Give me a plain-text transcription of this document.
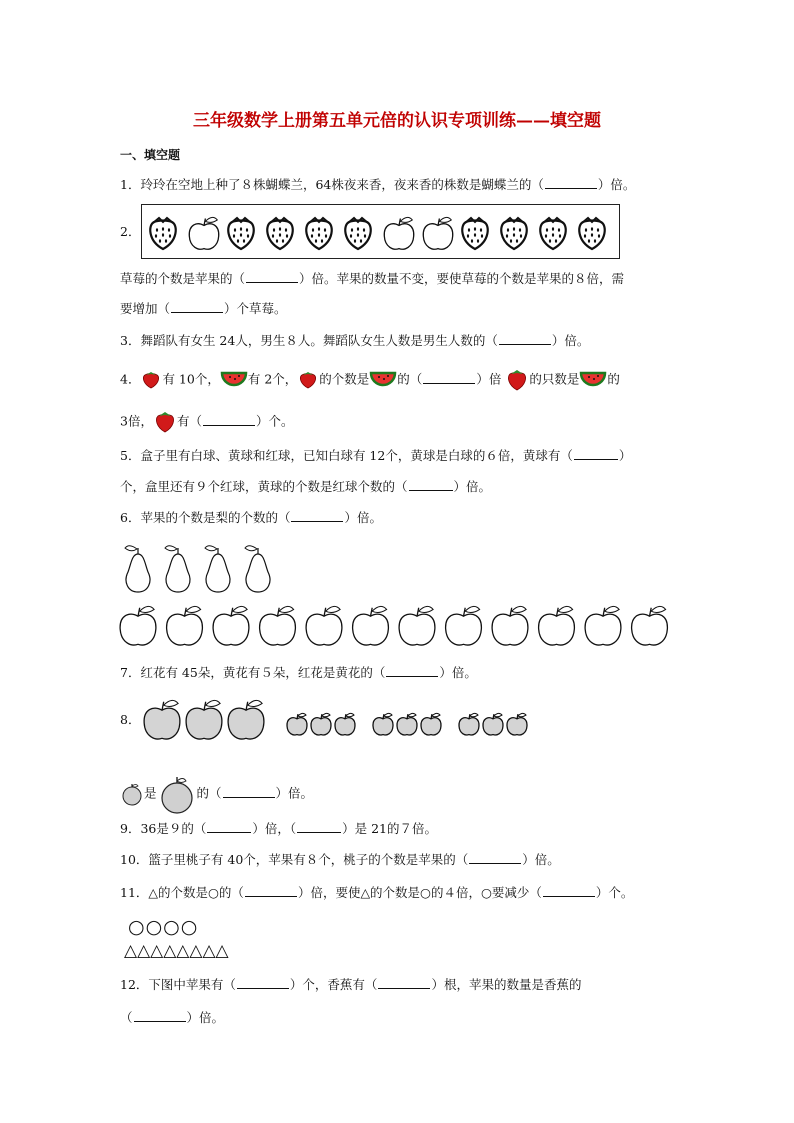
三年级数学上册第五单元倍的认识专项训练——填空题
一、填空题
1．玲玲在空地上种了８株蝴蝶兰，64株夜来香，夜来香的株数是蝴蝶兰的（	）倍。
2．
草莓的个数是苹果的（	）倍。苹果的数量不变，要使草莓的个数是苹果的８倍，需
要增加（	）个草莓。
3．舞蹈队有女生 24人，男生８人。舞蹈队女生人数是男生人数的（	）倍。
4． 有 10个， 有 2个， 的个数是 的（	）倍 的只数是 的
3倍， 有（	）个。
5．盒子里有白球、黄球和红球，已知白球有 12个，黄球是白球的６倍，黄球有（	）
个，盒里还有９个红球，黄球的个数是红球个数的（	）倍。
6．苹果的个数是梨的个数的（	）倍。
7．红花有 45朵，黄花有５朵，红花是黄花的（	）倍。
8．
是	的（	）倍。
9．36是９的（	）倍，（	）是 21的７倍。
10．篮子里桃子有 40个，苹果有８个，桃子的个数是苹果的（	）倍。
11．△的个数是○的（	）倍，要使△的个数是○的４倍，○要减少（	）个。
○○○○
△△△△△△△△
12．下图中苹果有（	）个，香蕉有（	）根，苹果的数量是香蕉的
（	）倍。
